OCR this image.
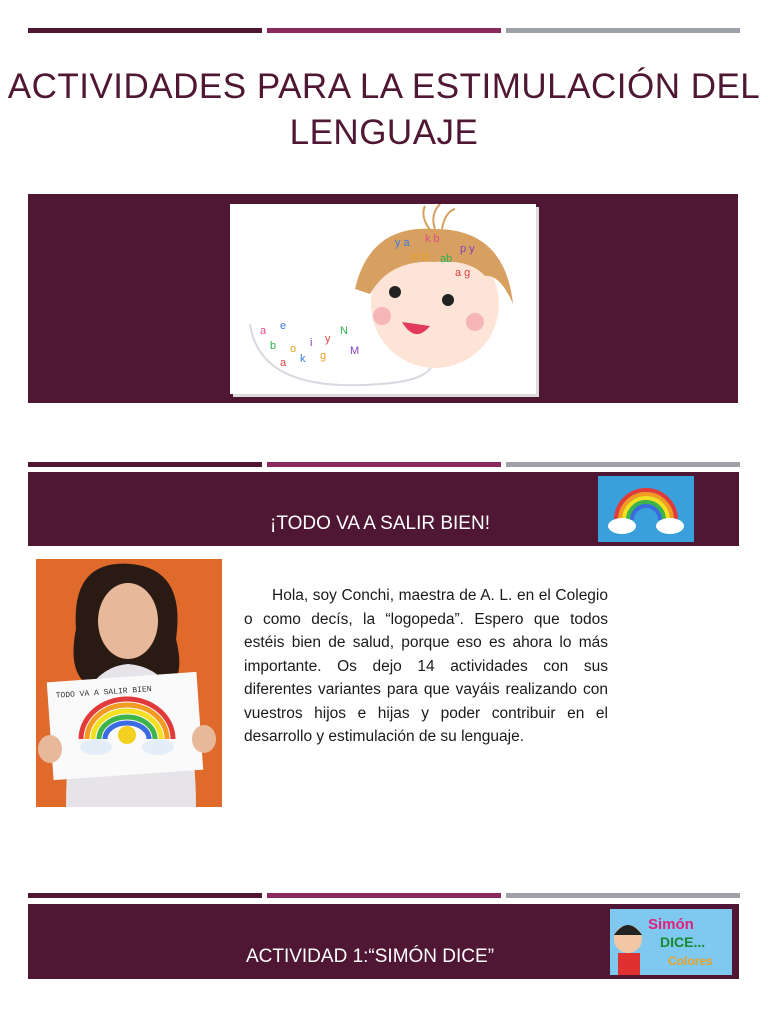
ACTIVIDADES PARA LA ESTIMULACIÓN DEL LENGUAJE
y a k b
m b ab
p y
a g
a e
b o i y
N
a k g M
¡TODO VA A SALIR BIEN!
TODO VA A SALIR BIEN

Hola, soy Conchi, maestra de A. L. en el Colegio o como decís, la “logopeda”. Espero que todos estéis bien de salud, porque eso es ahora lo más importante. Os dejo 14 actividades con sus diferentes variantes para que vayáis realizando con vuestros hijos e hijas y poder contribuir en el desarrollo y estimulación de su lenguaje.

ACTIVIDAD 1:“SIMÓN DICE”
Simón
DICE...
Colores
